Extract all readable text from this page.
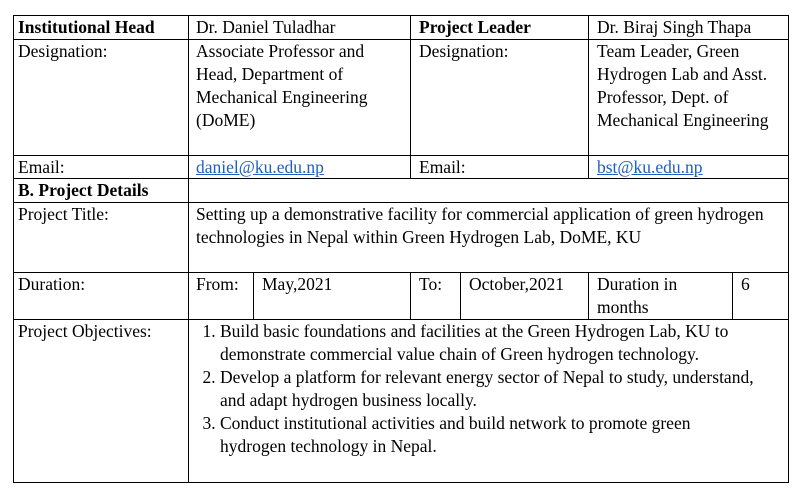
Institutional Head	Dr. Daniel Tuladhar	Project Leader	Dr. Biraj Singh Thapa
Designation:	Associate Professor and Head, Department of Mechanical Engineering (DoME)
Designation:	Team Leader, Green Hydrogen Lab and Asst. Professor, Dept. of Mechanical Engineering
Email:	daniel@ku.edu.np	Email:	bst@ku.edu.np
B. Project Details
Project Title:	Setting up a demonstrative facility for commercial application of green hydrogen technologies in Nepal within Green Hydrogen Lab, DoME, KU
Duration:	From:	May,2021	To:	October,2021	Duration in months
6
Project Objectives:
1.	Build basic foundations and facilities at the Green Hydrogen Lab, KU to demonstrate commercial value chain of Green hydrogen technology.
2. Develop a platform for relevant energy sector of Nepal to study, understand, and adapt hydrogen business locally.
3. Conduct institutional activities and build network to promote green hydrogen technology in Nepal.
